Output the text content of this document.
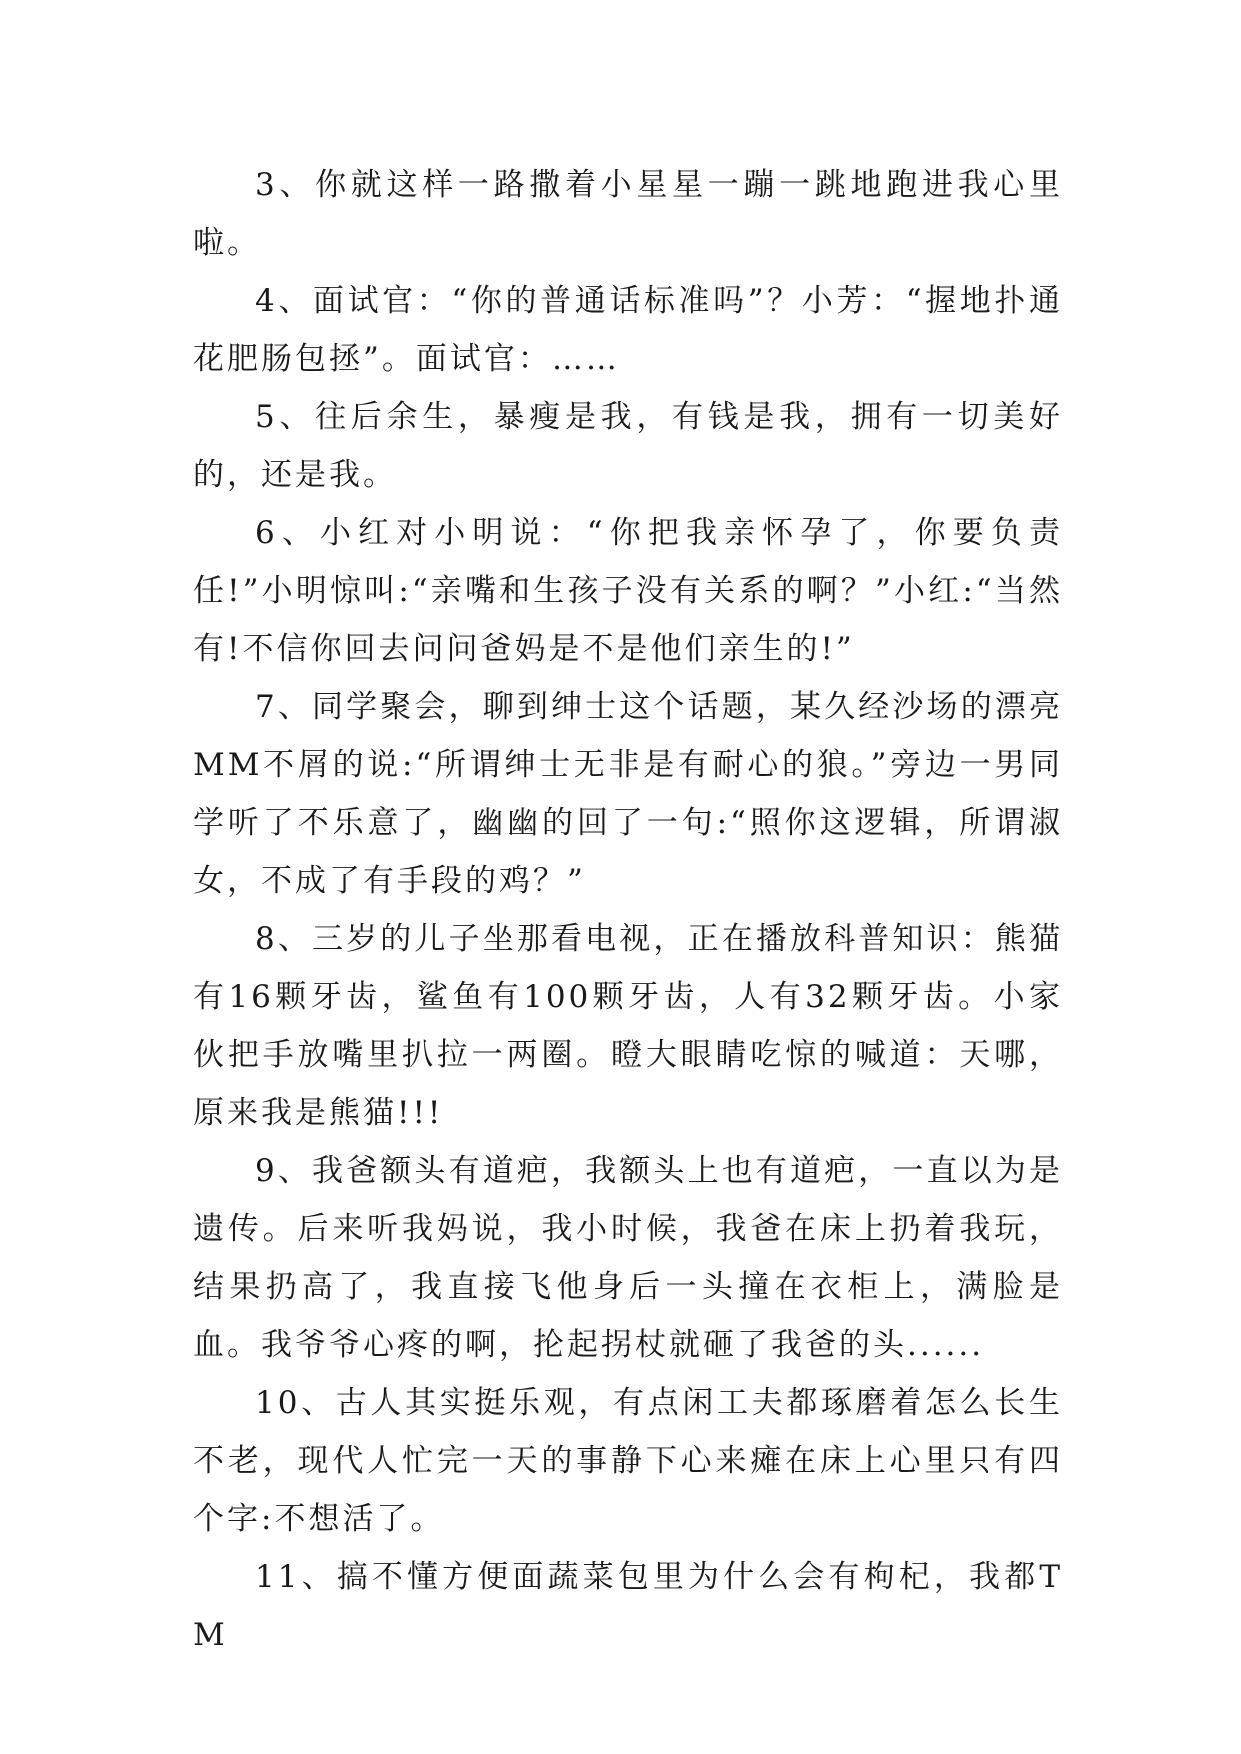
3、你就这样一路撒着小星星一蹦一跳地跑进我心里啦。

4、面试官：“你的普通话标准吗”？小芳：“握地扑通花肥肠包拯”。面试官：……

5、往后余生，暴瘦是我，有钱是我，拥有一切美好的，还是我。

6、小红对小明说：“你把我亲怀孕了，你要负责任!”小明惊叫:“亲嘴和生孩子没有关系的啊？”小红:“当然有!不信你回去问问爸妈是不是他们亲生的!”

7、同学聚会，聊到绅士这个话题，某久经沙场的漂亮MM不屑的说:“所谓绅士无非是有耐心的狼。”旁边一男同学听了不乐意了，幽幽的回了一句:“照你这逻辑，所谓淑女，不成了有手段的鸡？”

8、三岁的儿子坐那看电视，正在播放科普知识：熊猫有16颗牙齿，鲨鱼有100颗牙齿，人有32颗牙齿。小家伙把手放嘴里扒拉一两圈。瞪大眼睛吃惊的喊道：天哪，原来我是熊猫!!!

9、我爸额头有道疤，我额头上也有道疤，一直以为是遗传。后来听我妈说，我小时候，我爸在床上扔着我玩，结果扔高了，我直接飞他身后一头撞在衣柜上，满脸是血。我爷爷心疼的啊，抡起拐杖就砸了我爸的头......

10、古人其实挺乐观，有点闲工夫都琢磨着怎么长生不老，现代人忙完一天的事静下心来瘫在床上心里只有四个字:不想活了。

11、搞不懂方便面蔬菜包里为什么会有枸杞，我都TM
